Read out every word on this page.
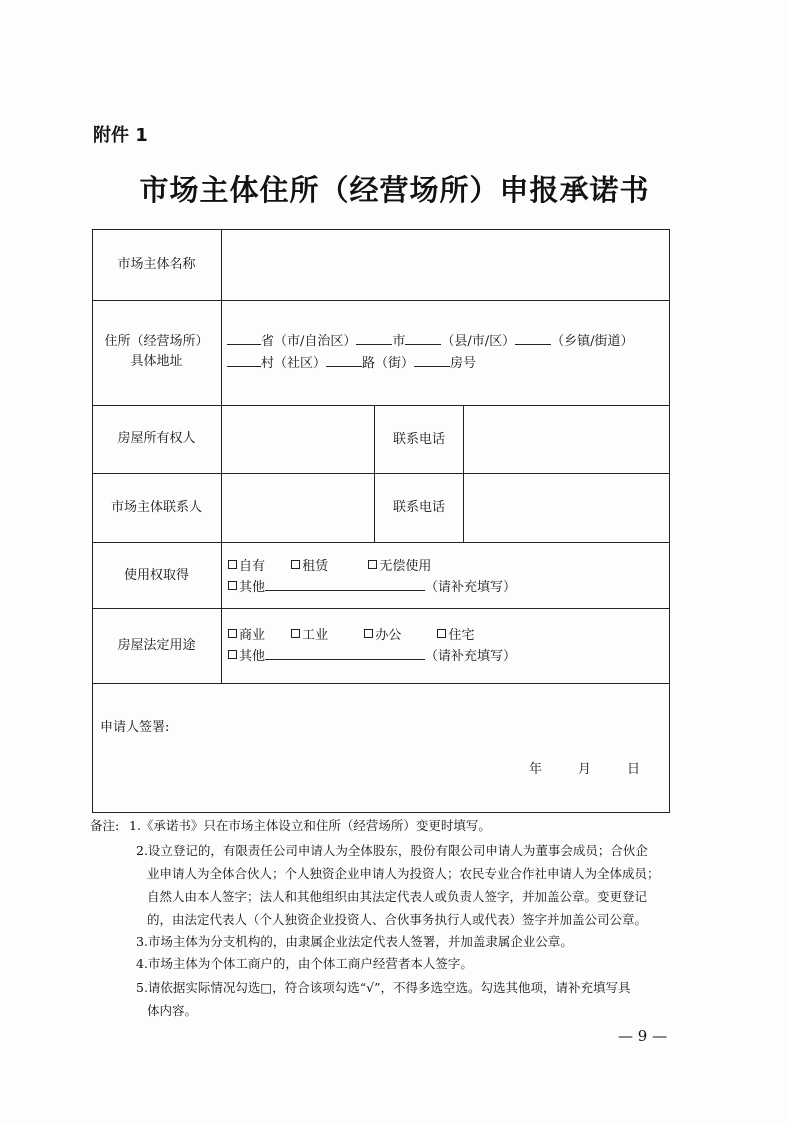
附件 1
市场主体住所（经营场所）申报承诺书
市场主体名称
住所（经营场所）
具体地址
省（市/自治区）	市	（县/市/区）	（乡镇/街道）
村（社区）	路（街）	房号
房屋所有权人	联系电话
市场主体联系人	联系电话
使用权取得
自有	租赁	无偿使用
其他	（请补充填写）
房屋法定用途
商业	工业	办公	住宅
其他	（请补充填写）
申请人签署:
年	月	日
备注: 1.《承诺书》只在市场主体设立和住所（经营场所）变更时填写。
2.设立登记的，有限责任公司申请人为全体股东，股份有限公司申请人为董事会成员；合伙企
业申请人为全体合伙人；个人独资企业申请人为投资人；农民专业合作社申请人为全体成员；
自然人由本人签字；法人和其他组织由其法定代表人或负责人签字，并加盖公章。变更登记
的，由法定代表人（个人独资企业投资人、合伙事务执行人或代表）签字并加盖公司公章。
3.市场主体为分支机构的，由隶属企业法定代表人签署，并加盖隶属企业公章。
4.市场主体为个体工商户的，由个体工商户经营者本人签字。
5.请依据实际情况勾选□，符合该项勾选“√”，不得多选空选。勾选其他项，请补充填写具
体内容。
— 9 —
